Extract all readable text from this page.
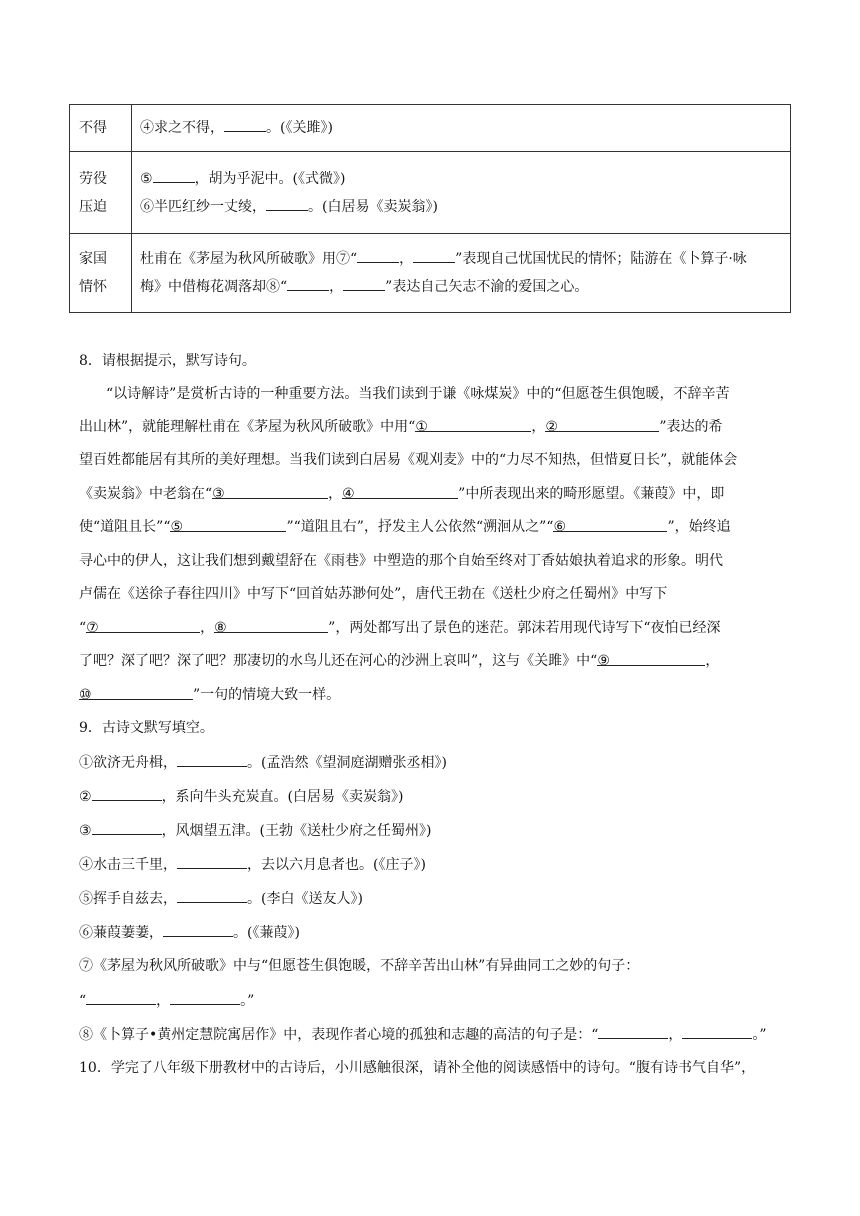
不得	④求之不得， 。(《关雎》)
劳役
压迫	⑤ ，胡为乎泥中。(《式微》)
⑥半匹红纱一丈绫， 。(白居易《卖炭翁》)
家国
情怀	杜甫在《茅屋为秋风所破歌》用⑦“ ， ”表现自己忧国忧民的情怀；陆游在《卜算子·咏
梅》中借梅花凋落却⑧“ ， ”表达自己矢志不渝的爱国之心。
8．请根据提示，默写诗句。
“以诗解诗”是赏析古诗的一种重要方法。当我们读到于谦《咏煤炭》中的“但愿苍生俱饱暖，不辞辛苦
出山林”，就能理解杜甫在《茅屋为秋风所破歌》中用“①	，②	”表达的希
望百姓都能居有其所的美好理想。当我们读到白居易《观刈麦》中的“力尽不知热，但惜夏日长”，就能体会
《卖炭翁》中老翁在“③	，④	”中所表现出来的畸形愿望。《蒹葭》中，即
使“道阻且长”“⑤	”“道阻且右”，抒发主人公依然“溯洄从之”“⑥	”，始终追
寻心中的伊人，这让我们想到戴望舒在《雨巷》中塑造的那个自始至终对丁香姑娘执着追求的形象。明代
卢儒在《送徐子春往四川》中写下“回首姑苏渺何处”，唐代王勃在《送杜少府之任蜀州》中写下
“⑦	，⑧	”，两处都写出了景色的迷茫。郭沫若用现代诗写下“夜怕已经深
了吧？深了吧？深了吧？那凄切的水鸟儿还在河心的沙洲上哀叫”，这与《关雎》中“⑨	，
⑩	”一句的情境大致一样。
9．古诗文默写填空。
①欲济无舟楫，	。(孟浩然《望洞庭湖赠张丞相》)
②	，系向牛头充炭直。(白居易《卖炭翁》)
③	，风烟望五津。(王勃《送杜少府之任蜀州》)
④水击三千里，	，去以六月息者也。(《庄子》)
⑤挥手自兹去，	。(李白《送友人》)
⑥蒹葭萋萋，	。(《蒹葭》)
⑦《茅屋为秋风所破歌》中与“但愿苍生俱饱暖，不辞辛苦出山林”有异曲同工之妙的句子：
“	，	。”
⑧《卜算子•黄州定慧院寓居作》中，表现作者心境的孤独和志趣的高洁的句子是：“	，	。”
10．学完了八年级下册教材中的古诗后，小川感触很深，请补全他的阅读感悟中的诗句。“腹有诗书气自华”，
